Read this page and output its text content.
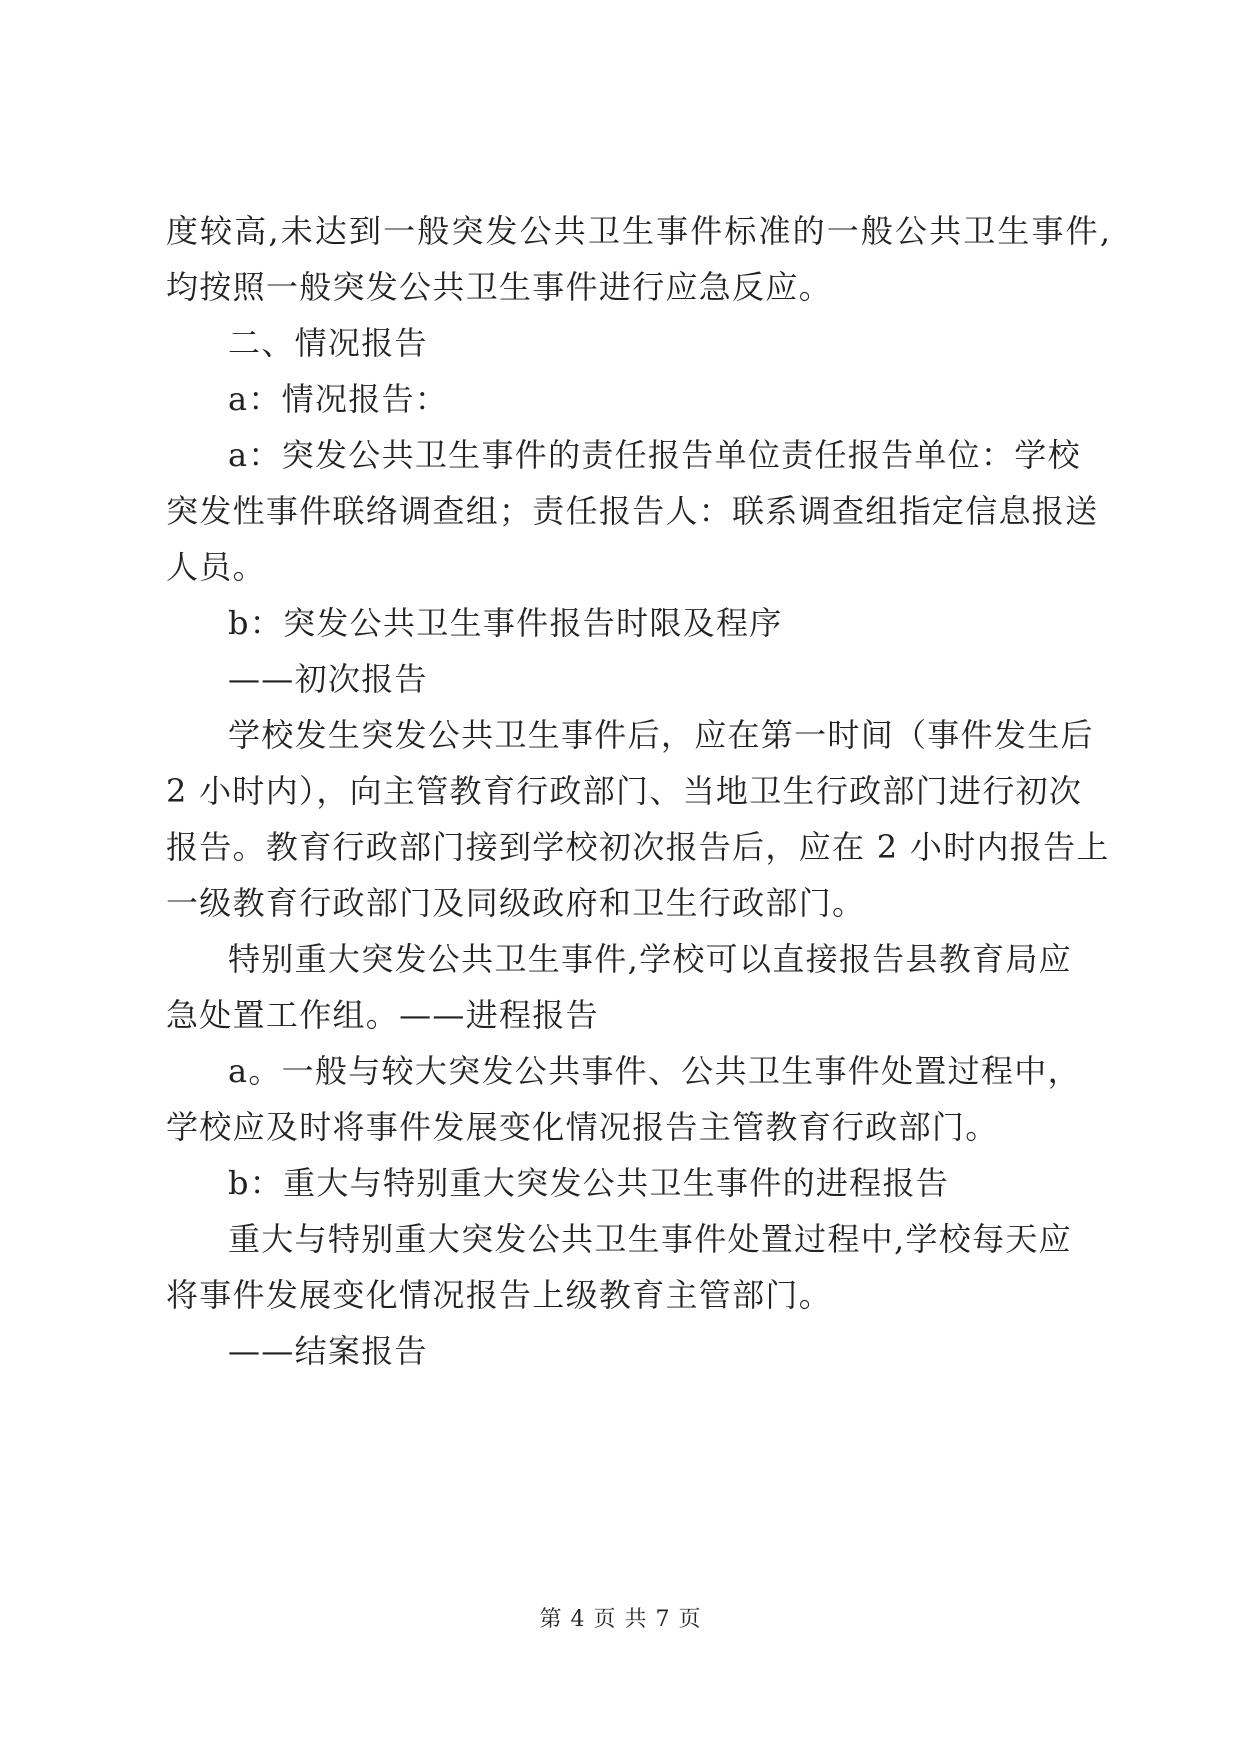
度较高,未达到一般突发公共卫生事件标准的一般公共卫生事件,
均按照一般突发公共卫生事件进行应急反应。
二、情况报告
a：情况报告：
a：突发公共卫生事件的责任报告单位责任报告单位：学校
突发性事件联络调查组；责任报告人：联系调查组指定信息报送
人员。
b：突发公共卫生事件报告时限及程序
——初次报告
学校发生突发公共卫生事件后，应在第一时间（事件发生后
2 小时内），向主管教育行政部门、当地卫生行政部门进行初次
报告。教育行政部门接到学校初次报告后，应在 2 小时内报告上
一级教育行政部门及同级政府和卫生行政部门。
特别重大突发公共卫生事件,学校可以直接报告县教育局应
急处置工作组。——进程报告
a。一般与较大突发公共事件、公共卫生事件处置过程中，
学校应及时将事件发展变化情况报告主管教育行政部门。
b：重大与特别重大突发公共卫生事件的进程报告
重大与特别重大突发公共卫生事件处置过程中,学校每天应
将事件发展变化情况报告上级教育主管部门。
——结案报告
第 4 页 共 7 页
